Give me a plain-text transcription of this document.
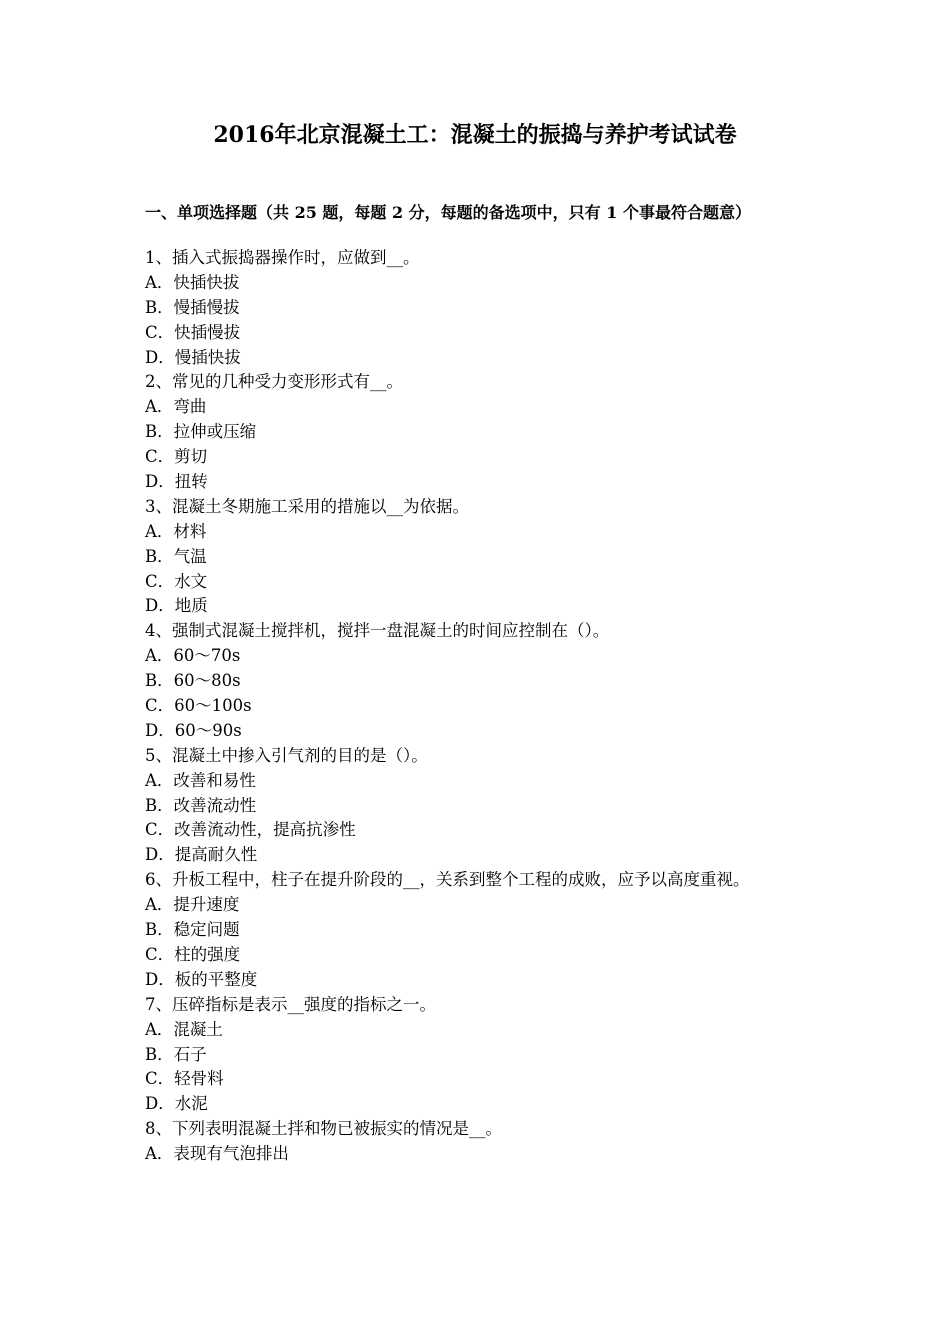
2016年北京混凝土工：混凝土的振捣与养护考试试卷
一、单项选择题（共 25 题，每题 2 分，每题的备选项中，只有 1 个事最符合题意）
1、插入式振捣器操作时，应做到__。
A．快插快拔
B．慢插慢拔
C．快插慢拔
D．慢插快拔
2、常见的几种受力变形形式有__。
A．弯曲
B．拉伸或压缩
C．剪切
D．扭转
3、混凝土冬期施工采用的措施以__为依据。
A．材料
B．气温
C．水文
D．地质
4、强制式混凝土搅拌机，搅拌一盘混凝土的时间应控制在（）。
A．60～70s
B．60～80s
C．60～100s
D．60～90s
5、混凝土中掺入引气剂的目的是（）。
A．改善和易性
B．改善流动性
C．改善流动性，提高抗渗性
D．提高耐久性
6、升板工程中，柱子在提升阶段的__，关系到整个工程的成败，应予以高度重视。
A．提升速度
B．稳定问题
C．柱的强度
D．板的平整度
7、压碎指标是表示__强度的指标之一。
A．混凝土
B．石子
C．轻骨料
D．水泥
8、下列表明混凝土拌和物已被振实的情况是__。
A．表现有气泡排出
